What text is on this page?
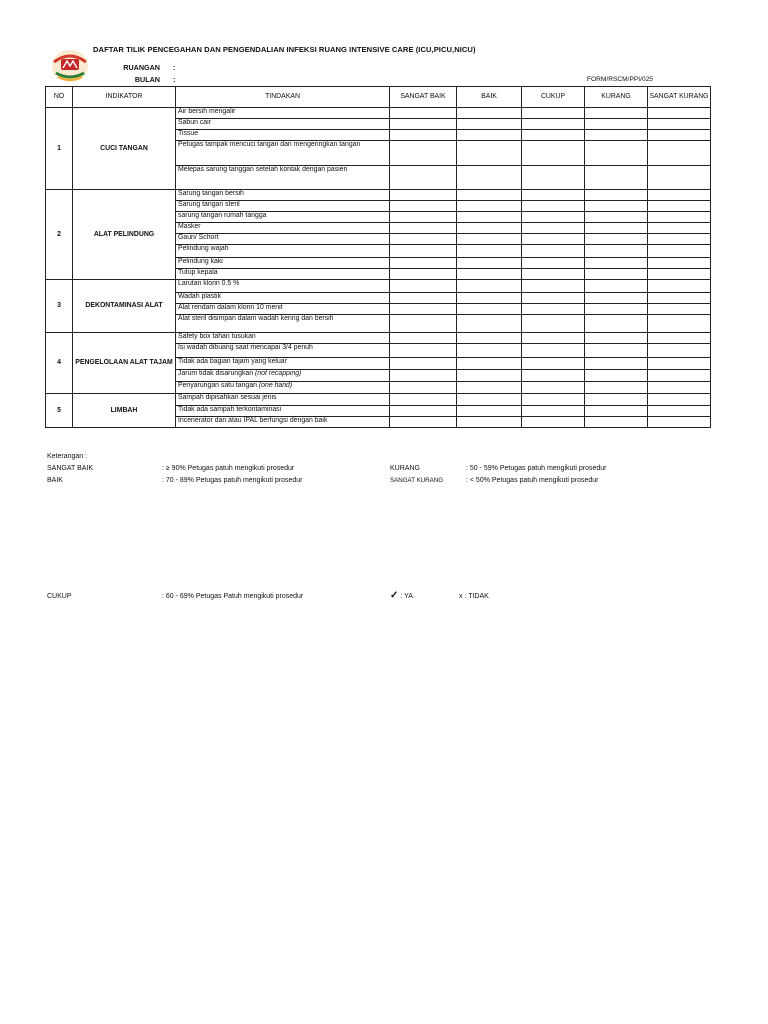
DAFTAR TILIK PENCEGAHAN DAN PENGENDALIAN INFEKSI RUANG INTENSIVE CARE (ICU,PICU,NICU)
RUANGAN :
BULAN :	FORM/RSCM/PPI/025
NO	INDIKATOR	TINDAKAN	SANGAT BAIK	BAIK	CUKUP	KURANG	SANGAT KURANG
1	CUCI TANGAN	Air bersih mengalir					
		Sabun cair					
		Tissue					
		Petugas tampak mencuci tangan dan mengeringkan tangan					
		Melepas sarung tanggan setelah kontak dengan pasien					
2	ALAT PELINDUNG	Sarung tangan bersih					
		Sarung tangan steril					
		sarung tangan rumah tangga					
		Masker					
		Gaun/ Schort					
		Pelindung wajah					
		Pelindung kaki					
		Tutup kepala					
3	DEKONTAMINASI ALAT	Larutan klorin 0.5 %					
		Wadah plastik					
		Alat rendam dalam klorin 10 menit					
		Alat steril disimpan dalam wadah kering dan bersih					
4	PENGELOLAAN ALAT TAJAM	Safety box tahan tusukan					
		Isi wadah dibuang saat mencapai 3/4 penuh					
		Tidak ada bagian tajam yang keluar					
		Jarum tidak disarungkan (not recapping)					
		Penyarungan satu tangan (one hand)					
5	LIMBAH	Sampah dipisahkan sesuai jenis					
		Tidak ada sampah terkontaminasi					
		Incenerator dan atau IPAL berfungsi dengan baik					
Keterangan :
SANGAT BAIK	: ≥ 90% Petugas patuh mengikuti prosedur
BAIK	: 70 - 89% Petugas patuh mengikuti prosedur
KURANG	: 50 - 59% Petugas patuh mengikuti prosedur
SANGAT KURANG	: < 50% Petugas patuh mengikuti prosedur
CUKUP	: 60 - 69% Petugas Patuh mengikuti prosedur	✓ : YA	x : TIDAK
